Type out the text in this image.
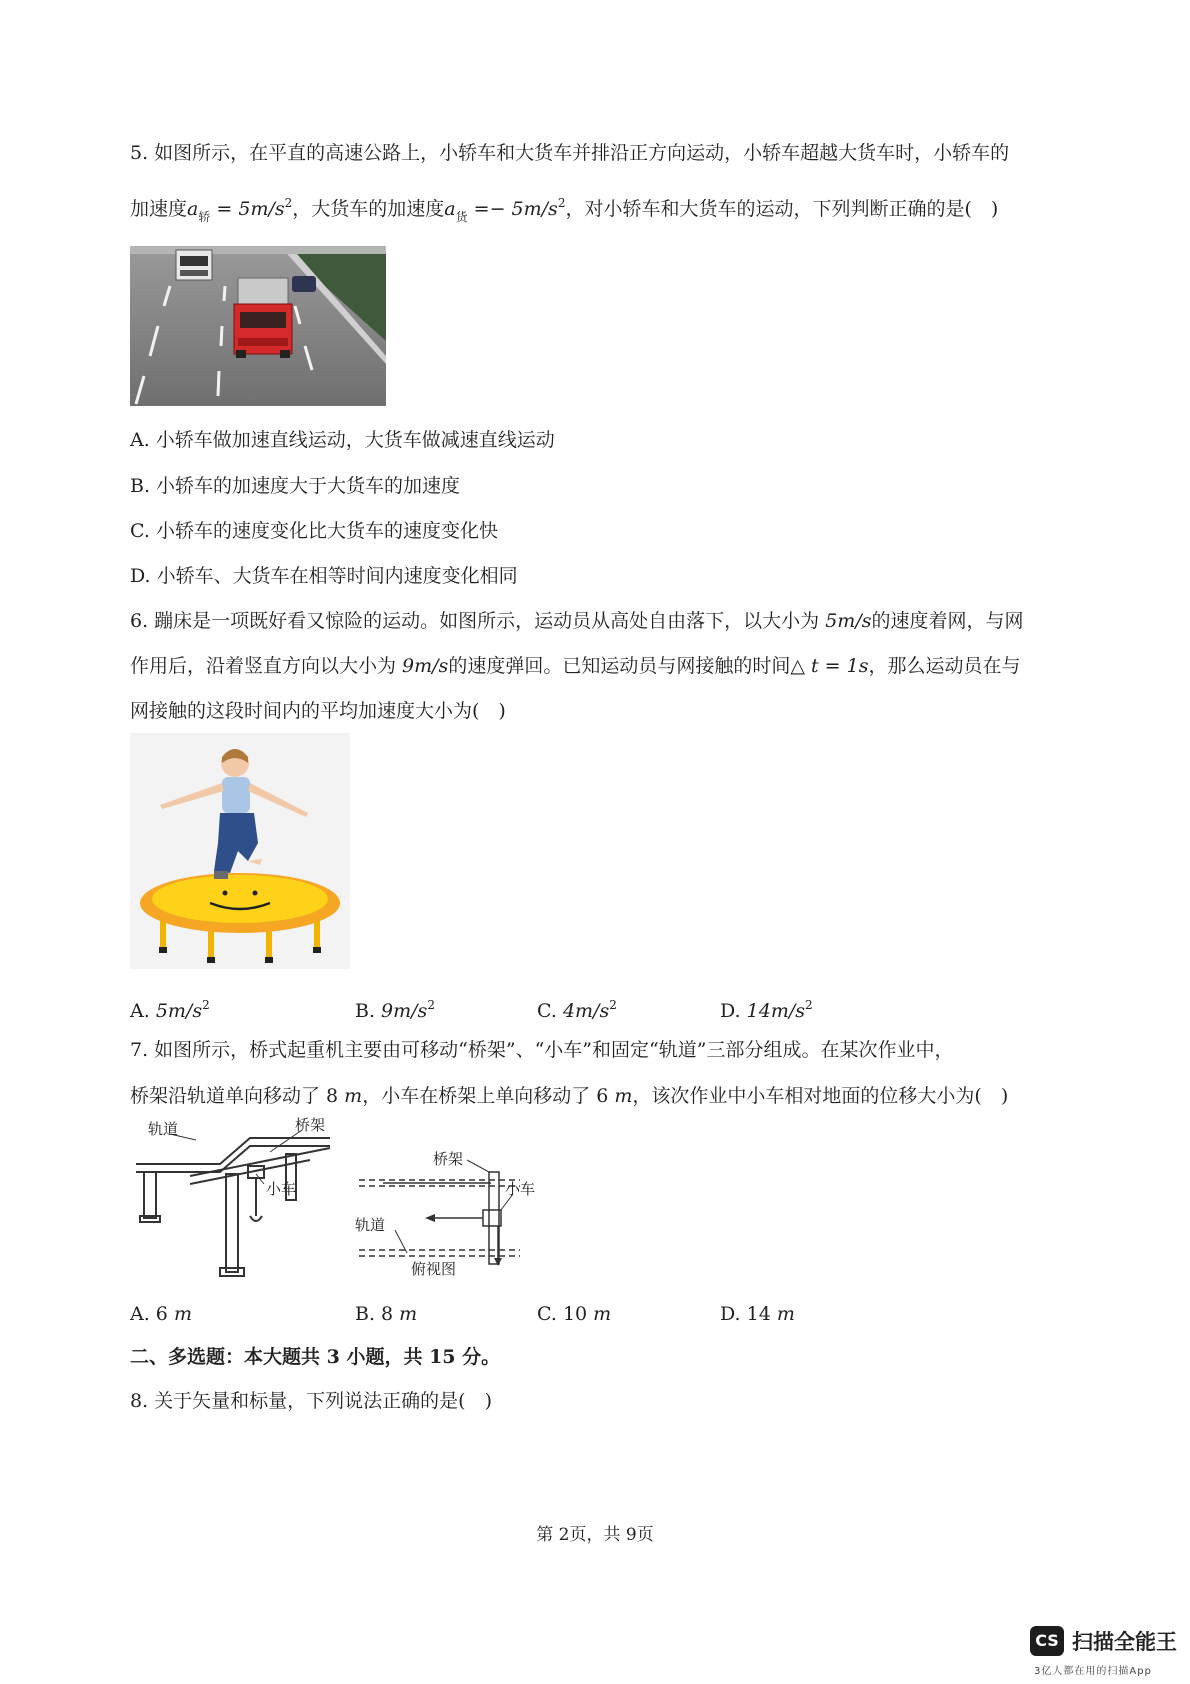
5. 如图所示，在平直的高速公路上，小轿车和大货车并排沿正方向运动，小轿车超越大货车时，小轿车的
加速度$a_轿 = 5m/s^2$，大货车的加速度$a_货 =- 5m/s^2$，对小轿车和大货车的运动，下列判断正确的是(　)
A. 小轿车做加速直线运动，大货车做减速直线运动
B. 小轿车的加速度大于大货车的加速度
C. 小轿车的速度变化比大货车的速度变化快
D. 小轿车、大货车在相等时间内速度变化相同
6. 蹦床是一项既好看又惊险的运动。如图所示，运动员从高处自由落下，以大小为 5m/s的速度着网，与网
作用后，沿着竖直方向以大小为 9m/s的速度弹回。已知运动员与网接触的时间△ t = 1s，那么运动员在与
网接触的这段时间内的平均加速度大小为(　)
A. $5m/s^2$	B. $9m/s^2$	C. $4m/s^2$	D. $14m/s^2$
7. 如图所示，桥式起重机主要由可移动“桥架”、“小车”和固定“轨道”三部分组成。在某次作业中，
桥架沿轨道单向移动了 8 m，小车在桥架上单向移动了 6 m，该次作业中小车相对地面的位移大小为(　)
轨道	桥架
小车
桥架
小车
轨道
俯视图
A. 6 m	B. 8 m	C. 10 m	D. 14 m
二、多选题：本大题共 3 小题，共 15 分。
8. 关于矢量和标量，下列说法正确的是(　)
第 2页，共 9页
CS 扫描全能王
3亿人都在用的扫描App
